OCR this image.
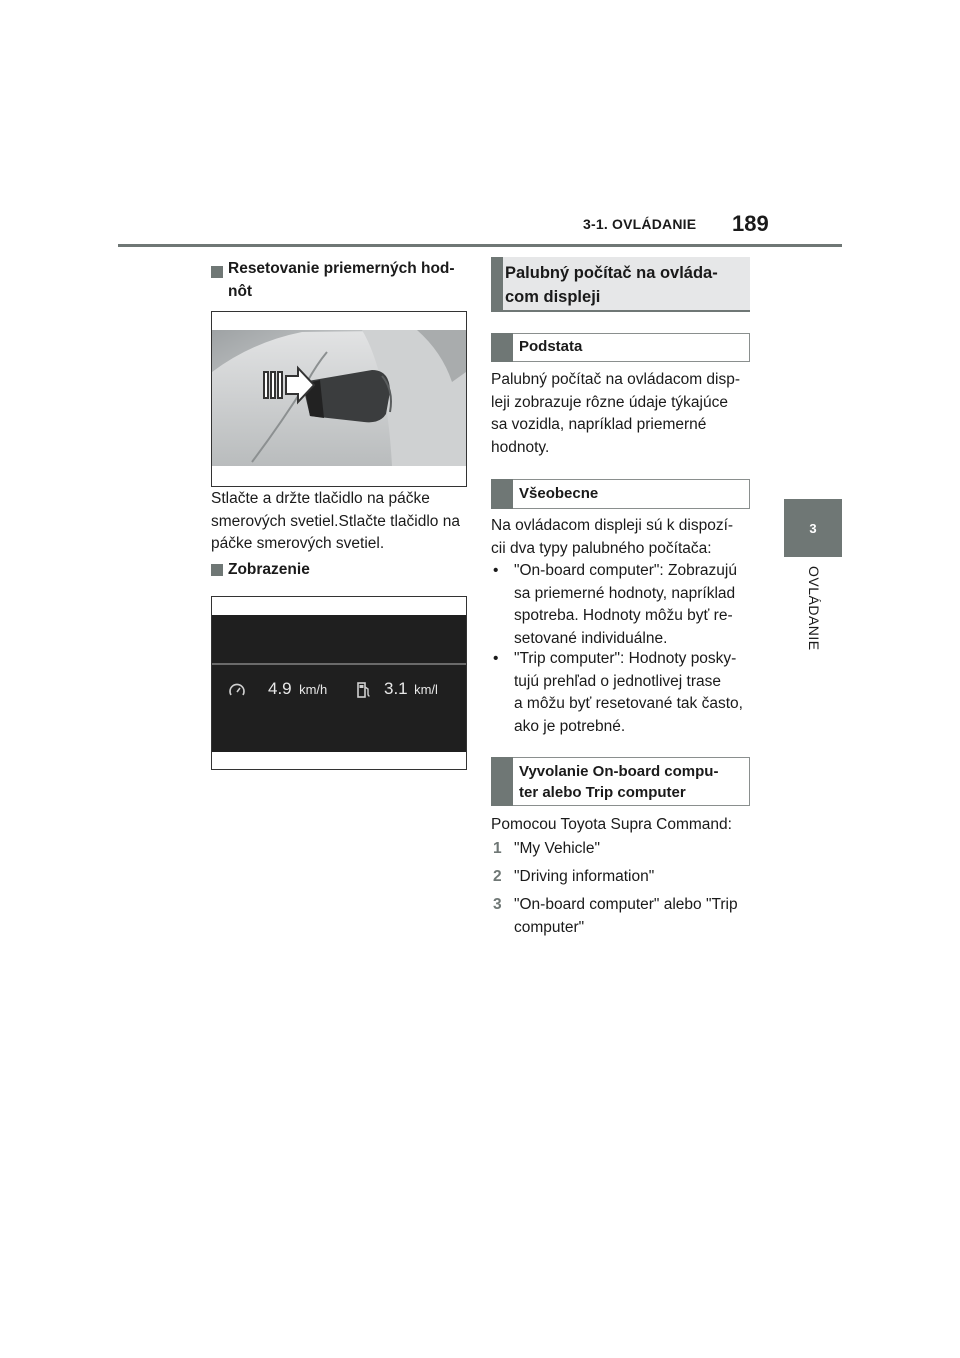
3-1. OVLÁDANIE 189
3
OVLÁDANIE
Resetovanie priemerných hod-
nôt
Stlačte a držte tlačidlo na páčke
smerových svetiel.Stlačte tlačidlo na
páčke smerových svetiel.
Zobrazenie
4.9 km/h	3.1 km/l
Palubný počítač na ovláda-
com displeji
Podstata
Palubný počítač na ovládacom disp-
leji zobrazuje rôzne údaje týkajúce
sa vozidla, napríklad priemerné
hodnoty.
Všeobecne
Na ovládacom displeji sú k dispozí-
cii dva typy palubného počítača:
• "On-board computer": Zobrazujú
sa priemerné hodnoty, napríklad
spotreba. Hodnoty môžu byť re-
setované individuálne.
• "Trip computer": Hodnoty posky-
tujú prehľad o jednotlivej trase
a môžu byť resetované tak často,
ako je potrebné.
Vyvolanie On-board compu-
ter alebo Trip computer
Pomocou Toyota Supra Command:
1 "My Vehicle"
2 "Driving information"
3 "On-board computer" alebo "Trip
computer"
